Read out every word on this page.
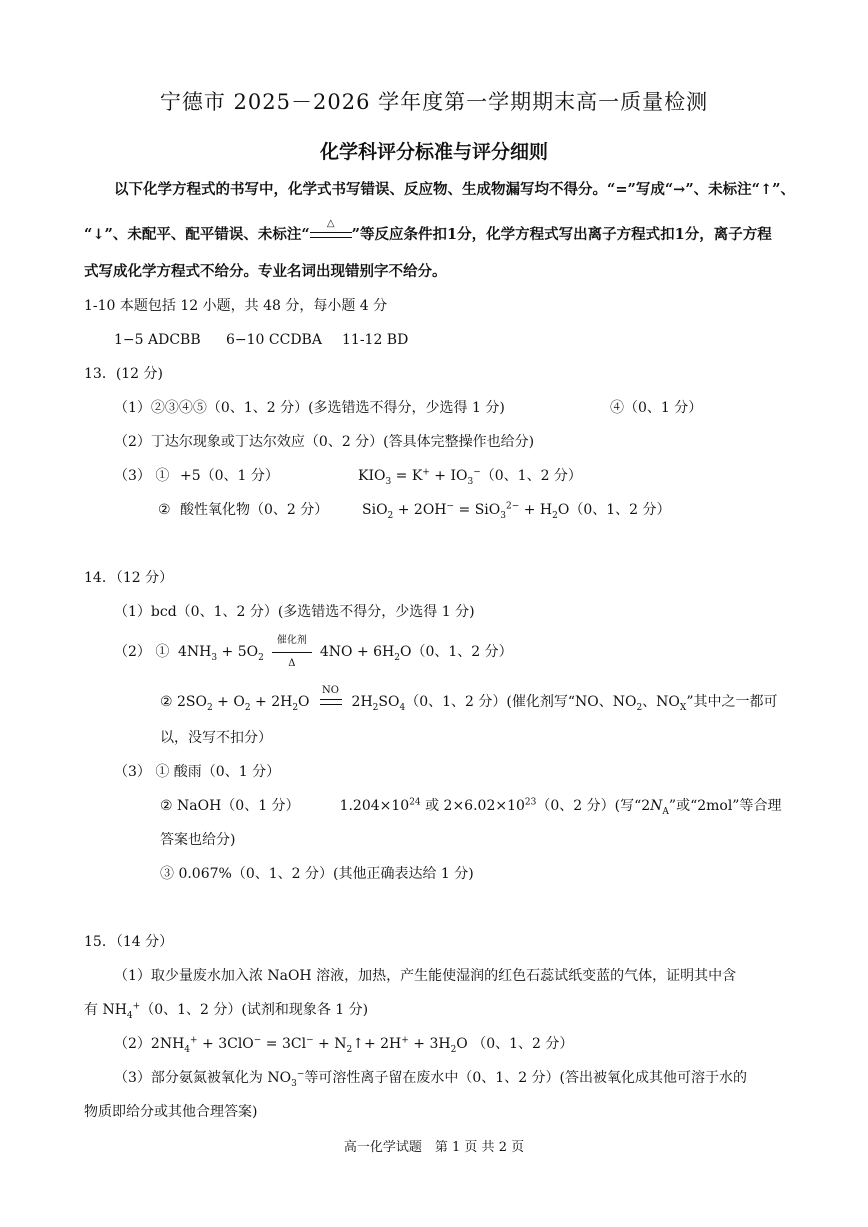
宁德市 2025－2026 学年度第一学期期末高一质量检测
化学科评分标准与评分细则
以下化学方程式的书写中，化学式书写错误、反应物、生成物漏写均不得分。“=”写成“→”、未标注“↑”、
“↓”、未配平、配平错误、未标注“
△
”等反应条件扣1分，化学方程式写出离子方程式扣1分，离子方程
式写成化学方程式不给分。专业名词出现错别字不给分。
1-10 本题包括 12 小题，共 48 分，每小题 4 分
1−5 ADCBB 6−10 CCDBA 11-12 BD
13．(12 分)
（1）②③④⑤（0、1、2 分）(多选错选不得分，少选得 1 分)	④（0、1 分）
（2）丁达尔现象或丁达尔效应（0、2 分）(答具体完整操作也给分)
（3） ① +5（0、1 分）	$KIO_3 = K^+ + IO_3^-(0$、1、2 分）
② 酸性氧化物（0、2 分） $SiO_2 + 2OH^- = SiO_3^{2-} + H_2O(0$、1、2 分）
14．（12 分）
（1）bcd（0、1、2 分）(多选错选不得分，少选得 1 分)
（2） ① $4NH_3 + 5O_2$
催化剂
Δ
$4NO + 6H_2O(0$、1、2 分）
② $2SO_2 + O_2 + 2H_2O$
NO
$2H_2SO_4(0$、1、2 分）(催化剂写“NO、$NO_2$、$NO_X$”其中之一都可
以，没写不扣分）
（3） ① 酸雨（0、1 分）
② NaOH（0、1 分）	$1.204\times 10^{24}$ 或 $2\times 6.02\times 10^{23}(0$、2 分）(写“$2N_A$”或“2mol”等合理
答案也给分)
③ 0.067%（0、1、2 分）(其他正确表达给 1 分)
15．（14 分）
（1）取少量废水加入浓 NaOH 溶液，加热，产生能使湿润的红色石蕊试纸变蓝的气体，证明其中含
有 $NH_4^+(0$、1、2 分）(试剂和现象各 1 分)
$(2)2NH_4^+ + 3ClO^- = 3Cl^-$ + $N_2↑+ 2H^+ + 3H_2O$ （0、1、2 分）
（3）部分氨氮被氧化为 $NO_3^-$等可溶性离子留在废水中（0、1、2 分）(答出被氧化成其他可溶于水的
物质即给分或其他合理答案)
高一化学试题　第 1 页 共 2 页
